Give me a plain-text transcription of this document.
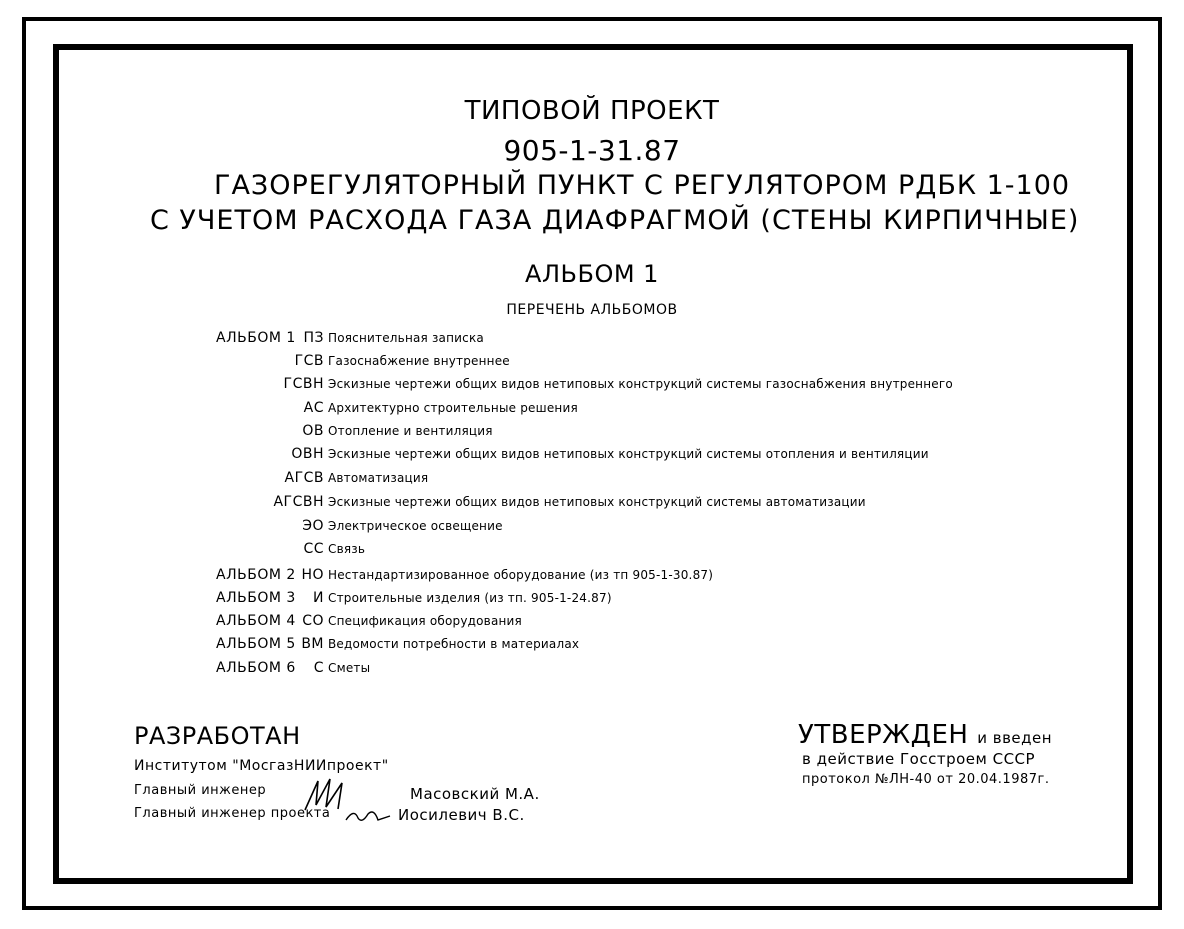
ТИПОВОЙ ПРОЕКТ
905-1-31.87
ГАЗОРЕГУЛЯТОРНЫЙ ПУНКТ С РЕГУЛЯТОРОМ РДБК 1-100
С УЧЕТОМ РАСХОДА ГАЗА ДИАФРАГМОЙ (СТЕНЫ КИРПИЧНЫЕ)
АЛЬБОМ 1
ПЕРЕЧЕНЬ АЛЬБОМОВ
АЛЬБОМ 1 ПЗ Пояснительная записка
ГСВ Газоснабжение внутреннее
ГСВН Эскизные чертежи общих видов нетиповых конструкций системы газоснабжения внутреннего
АС Архитектурно строительные решения
ОВ Отопление и вентиляция
ОВН Эскизные чертежи общих видов нетиповых конструкций системы отопления и вентиляции
АГСВ Автоматизация
АГСВН Эскизные чертежи общих видов нетиповых конструкций системы автоматизации
ЭО Электрическое освещение
СС Связь
АЛЬБОМ 2 НО Нестандартизированное оборудование (из тп 905-1-30.87)
АЛЬБОМ 3	И Строительные изделия (из тп. 905-1-24.87)
АЛЬБОМ 4 СО Спецификация оборудования
АЛЬБОМ 5 ВМ Ведомости потребности в материалах
АЛЬБОМ 6	С Сметы
РАЗРАБОТАН
Институтом "МосгазНИИпроект"
Главный инженер	Масовский М.А.
Главный инженер проекта	Иосилевич В.С.
УТВЕРЖДЕН и введен
в действие Госстроем СССР
протокол №ЛН-40 от 20.04.1987г.
